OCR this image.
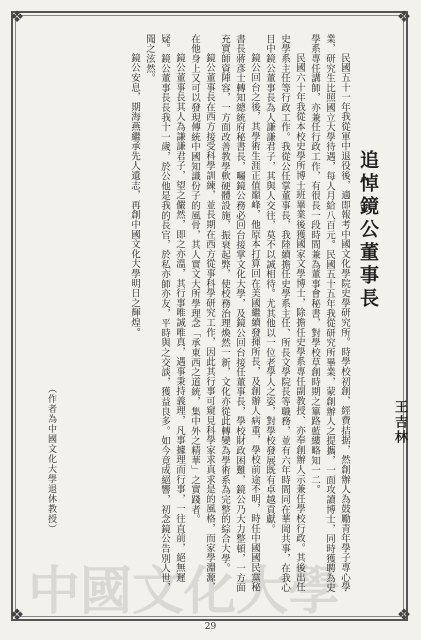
❖	❖
❖	❖
中國文化大學
追悼鏡公董事長
王吉林

民國五十一年我從軍中退役後，適即報考中國文化學院史學研究所。時學校初創，經費拮据，然創辦人為鼓勵青年學子專心學業，研究生比照國立大學待遇，每人月給八百元。民國五十五年我從研究所畢業，蒙創辦人之提攜，一面攻讀博士，同時獲聘為史學系專任講師，亦兼任行政工作，有很長一段時間兼為董事會秘書，對學校草創時期之篳路藍縷略知一二。

民國六十年我從本校史學所博士班畢業後獲國家文學博士，除擔任史學系專任副教授、亦奉創辦人示兼任學校行政。其後出任史學系主任等行政工作。我從公任掌董事長，我陸續擔任史學系主任、所長文學院長等職務，並有六年時間同在華岡共事，在我心目中鏡公董事長為人謙謙君子，其與人交往，莫不以誠相待。尤其他以一位老學人之姿，對學校發展既有卓越貢獻。

鏡公回台之後，其學術生涯正值巔峰，他原本打算回在美國繼續發揮所長，及創辦人病重，學校前途不明，時任中國國民黨秘書長蔣彥士轉知總統府秘書長，囑鏡公務必回台接掌文化大學，及鏡公回台接任董事長，學校財政困難，鏡公乃大力整頓，一方面充實師資陣容，一方面改善教學軟硬體設施，振衰起弊，使校務治理煥然一新，文化亦從此轉變為學術系為完整的綜合大學。

鏡公董事長在西方接受科學訓練，並長期在西方從事科學研究工作，因此其行事可窺見科學家求真求是的風格，而家學淵源，在他身上又可以發現傳統中國知識份子的風骨，其人實文大所學理念「承東西之道統，集中外之精華」之實踐者。

鏡公董事長其人為謙謙君子，望之儼然，即之亦溫，其行事唯誠唯真，遇事秉持義理，凡事據理而行事，一往直前，絕無遲疑。鏡公董事長長我十一歲，於公他是我的長官，於私亦師亦友，平時與之交談，獲益良多。如今竟成絕響，初念鏡公告別人世，聞之泫然。

鏡公安息，期海燕繼承先人遺志，再創中國文化大學明日之輝煌。

（作者為中國文化大學退休教授）
29
